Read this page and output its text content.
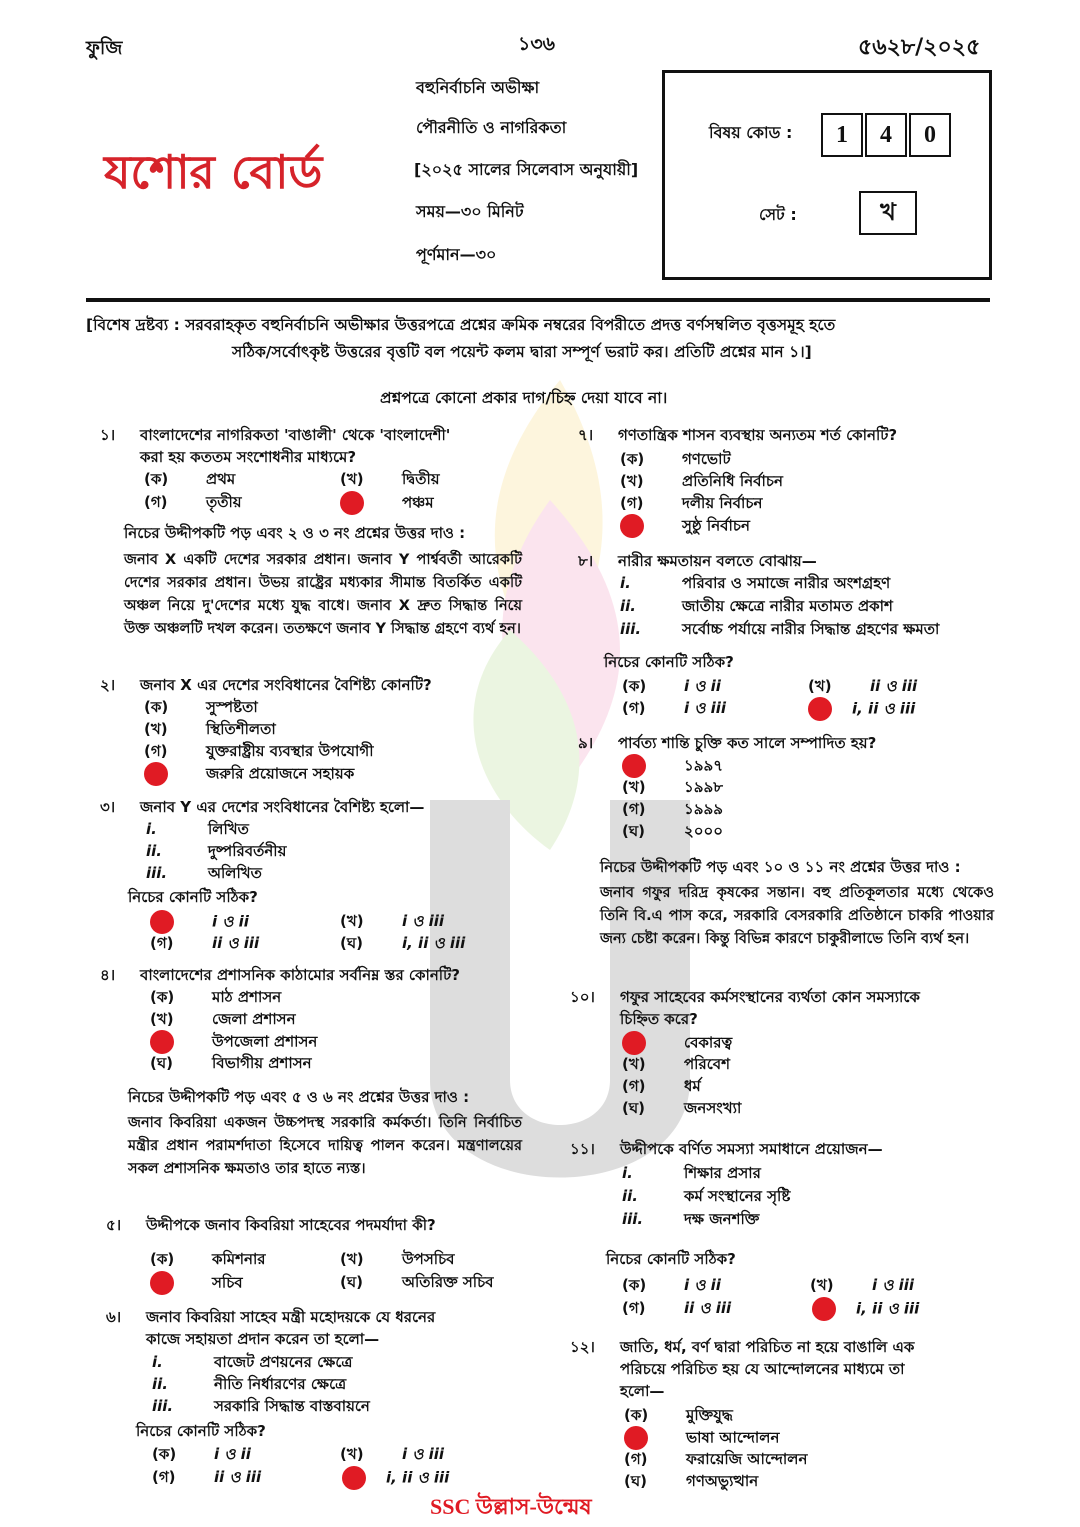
ফুজি	১৩৬	৫৬২৮/২০২৫
যশোর বোর্ড
বহুনির্বাচনি অভীক্ষা
পৌরনীতি ও নাগরিকতা
[২০২৫ সালের সিলেবাস অনুযায়ী]
সময়—৩০ মিনিট
পূর্ণমান—৩০
বিষয় কোড :	1	4	0
সেট :	খ
[বিশেষ দ্রষ্টব্য : সরবরাহকৃত বহুনির্বাচনি অভীক্ষার উত্তরপত্রে প্রশ্নের ক্রমিক নম্বরের বিপরীতে প্রদত্ত বর্ণসম্বলিত বৃত্তসমূহ হতে
সঠিক/সর্বোৎকৃষ্ট উত্তরের বৃত্তটি বল পয়েন্ট কলম দ্বারা সম্পূর্ণ ভরাট কর। প্রতিটি প্রশ্নের মান ১।]
প্রশ্নপত্রে কোনো প্রকার দাগ/চিহ্ন দেয়া যাবে না।
১। বাংলাদেশের নাগরিকতা 'বাঙালী' থেকে 'বাংলাদেশী'
করা হয় কততম সংশোধনীর মাধ্যমে?
(ক)	প্রথম	(খ)	দ্বিতীয়
(গ)	তৃতীয়	পঞ্চম
নিচের উদ্দীপকটি পড় এবং ২ ও ৩ নং প্রশ্নের উত্তর দাও :
জনাব X একটি দেশের সরকার প্রধান। জনাব Y পার্শ্ববর্তী আরেকটি দেশের সরকার প্রধান। উভয় রাষ্ট্রের মধ্যকার সীমান্ত বিতর্কিত একটি অঞ্চল নিয়ে দু'দেশের মধ্যে যুদ্ধ বাধে। জনাব X দ্রুত সিদ্ধান্ত নিয়ে উক্ত অঞ্চলটি দখল করেন। ততক্ষণে জনাব Y সিদ্ধান্ত গ্রহণে ব্যর্থ হন।
২। জনাব X এর দেশের সংবিধানের বৈশিষ্ট্য কোনটি?
(ক)	সুস্পষ্টতা
(খ)	স্থিতিশীলতা
(গ)	যুক্তরাষ্ট্রীয় ব্যবস্থার উপযোগী
জরুরি প্রয়োজনে সহায়ক
৩। জনাব Y এর দেশের সংবিধানের বৈশিষ্ট্য হলো—
i.	লিখিত
ii.	দুষ্পরিবর্তনীয়
iii.	অলিখিত
নিচের কোনটি সঠিক?
i ও ii	(খ)	i ও iii
(গ)	ii ও iii	(ঘ)	i, ii ও iii
৪। বাংলাদেশের প্রশাসনিক কাঠামোর সর্বনিম্ন স্তর কোনটি?
(ক)	মাঠ প্রশাসন
(খ)	জেলা প্রশাসন
উপজেলা প্রশাসন
(ঘ)	বিভাগীয় প্রশাসন
নিচের উদ্দীপকটি পড় এবং ৫ ও ৬ নং প্রশ্নের উত্তর দাও :
জনাব কিবরিয়া একজন উচ্চপদস্থ সরকারি কর্মকর্তা। তিনি নির্বাচিত মন্ত্রীর প্রধান পরামর্শদাতা হিসেবে দায়িত্ব পালন করেন। মন্ত্রণালয়ের সকল প্রশাসনিক ক্ষমতাও তার হাতে ন্যস্ত।
৫। উদ্দীপকে জনাব কিবরিয়া সাহেবের পদমর্যাদা কী?
(ক)	কমিশনার	(খ)	উপসচিব
সচিব	(ঘ)	অতিরিক্ত সচিব
৬। জনাব কিবরিয়া সাহেব মন্ত্রী মহোদয়কে যে ধরনের
কাজে সহায়তা প্রদান করেন তা হলো—
i.	বাজেট প্রণয়নের ক্ষেত্রে
ii.	নীতি নির্ধারণের ক্ষেত্রে
iii.	সরকারি সিদ্ধান্ত বাস্তবায়নে
নিচের কোনটি সঠিক?
(ক)	i ও ii	(খ)	i ও iii
(গ)	ii ও iii	i, ii ও iii
৭। গণতান্ত্রিক শাসন ব্যবস্থায় অন্যতম শর্ত কোনটি?
(ক)	গণভোট
(খ)	প্রতিনিধি নির্বাচন
(গ)	দলীয় নির্বাচন
সুষ্ঠু নির্বাচন
৮। নারীর ক্ষমতায়ন বলতে বোঝায়—
i.	পরিবার ও সমাজে নারীর অংশগ্রহণ
ii.	জাতীয় ক্ষেত্রে নারীর মতামত প্রকাশ
iii.	সর্বোচ্চ পর্যায়ে নারীর সিদ্ধান্ত গ্রহণের ক্ষমতা
নিচের কোনটি সঠিক?
(ক)	i ও ii	(খ)	ii ও iii
(গ)	i ও iii	i, ii ও iii
৯। পার্বত্য শান্তি চুক্তি কত সালে সম্পাদিত হয়?
১৯৯৭
(খ)	১৯৯৮
(গ)	১৯৯৯
(ঘ)	২০০০
নিচের উদ্দীপকটি পড় এবং ১০ ও ১১ নং প্রশ্নের উত্তর দাও :
জনাব গফুর দরিদ্র কৃষকের সন্তান। বহু প্রতিকূলতার মধ্যে থেকেও তিনি বি.এ পাস করে, সরকারি বেসরকারি প্রতিষ্ঠানে চাকরি পাওয়ার জন্য চেষ্টা করেন। কিন্তু বিভিন্ন কারণে চাকুরীলাভে তিনি ব্যর্থ হন।
১০। গফুর সাহেবের কর্মসংস্থানের ব্যর্থতা কোন সমস্যাকে
চিহ্নিত করে?
বেকারত্ব
(খ)	পরিবেশ
(গ)	ধর্ম
(ঘ)	জনসংখ্যা
১১। উদ্দীপকে বর্ণিত সমস্যা সমাধানে প্রয়োজন—
i.	শিক্ষার প্রসার
ii.	কর্ম সংস্থানের সৃষ্টি
iii.	দক্ষ জনশক্তি
নিচের কোনটি সঠিক?
(ক)	i ও ii	(খ)	i ও iii
(গ)	ii ও iii	i, ii ও iii
১২। জাতি, ধর্ম, বর্ণ দ্বারা পরিচিত না হয়ে বাঙালি এক
পরিচয়ে পরিচিত হয় যে আন্দোলনের মাধ্যমে তা
হলো—
(ক)	মুক্তিযুদ্ধ
ভাষা আন্দোলন
(গ)	ফরায়েজি আন্দোলন
(ঘ)	গণঅভ্যুত্থান
SSC উল্লাস-উন্মেষ
